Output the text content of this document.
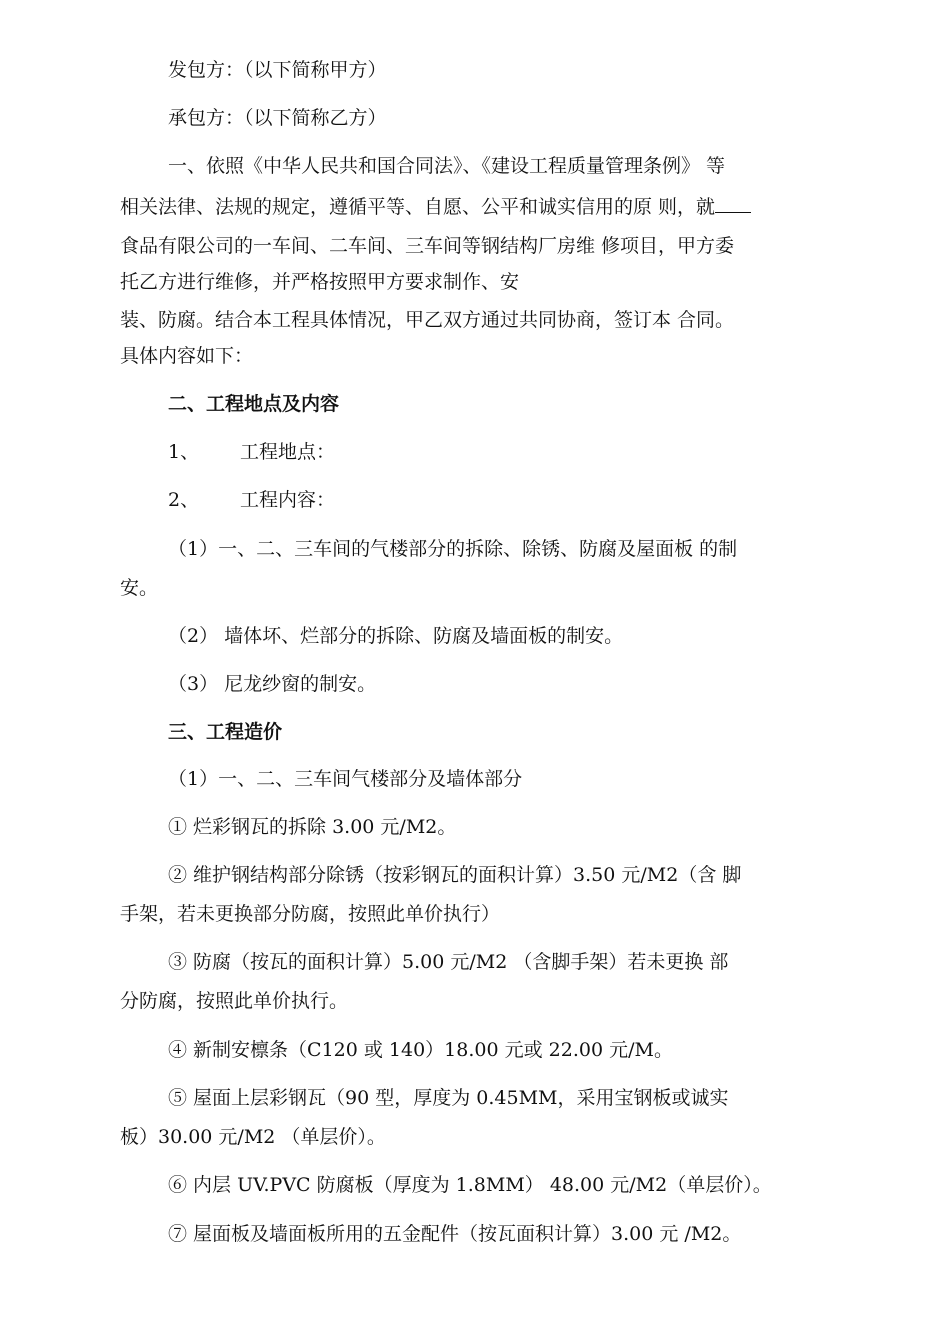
发包方：（以下简称甲方）

承包方：（以下简称乙方）

一、依照《中华人民共和国合同法》、《建设工程质量管理条例》 等

相关法律、法规的规定，遵循平等、自愿、公平和诚实信用的原 则，就

食品有限公司的一车间、二车间、三车间等钢结构厂房维 修项目，甲方委

托乙方进行维修，并严格按照甲方要求制作、安

装、防腐。结合本工程具体情况，甲乙双方通过共同协商，签订本 合同。

具体内容如下：

二、工程地点及内容

1、 工程地点：

2、 工程内容：

（1）一、二、三车间的气楼部分的拆除、除锈、防腐及屋面板 的制

安。

（2） 墙体坏、烂部分的拆除、防腐及墙面板的制安。

（3） 尼龙纱窗的制安。

三、工程造价

（1）一、二、三车间气楼部分及墙体部分

① 烂彩钢瓦的拆除 3.00 元/M2。

② 维护钢结构部分除锈（按彩钢瓦的面积计算）3.50 元/M2（含 脚

手架，若未更换部分防腐，按照此单价执行）

③ 防腐（按瓦的面积计算）5.00 元/M2 （含脚手架）若未更换 部

分防腐，按照此单价执行。

④ 新制安檩条（C120 或 140）18.00 元或 22.00 元/M。

⑤ 屋面上层彩钢瓦（90 型，厚度为 0.45MM，采用宝钢板或诚实

板）30.00 元/M2 （单层价）。

⑥ 内层 UV.PVC 防腐板（厚度为 1.8MM） 48.00 元/M2（单层价）。

⑦ 屋面板及墙面板所用的五金配件（按瓦面积计算）3.00 元 /M2。
